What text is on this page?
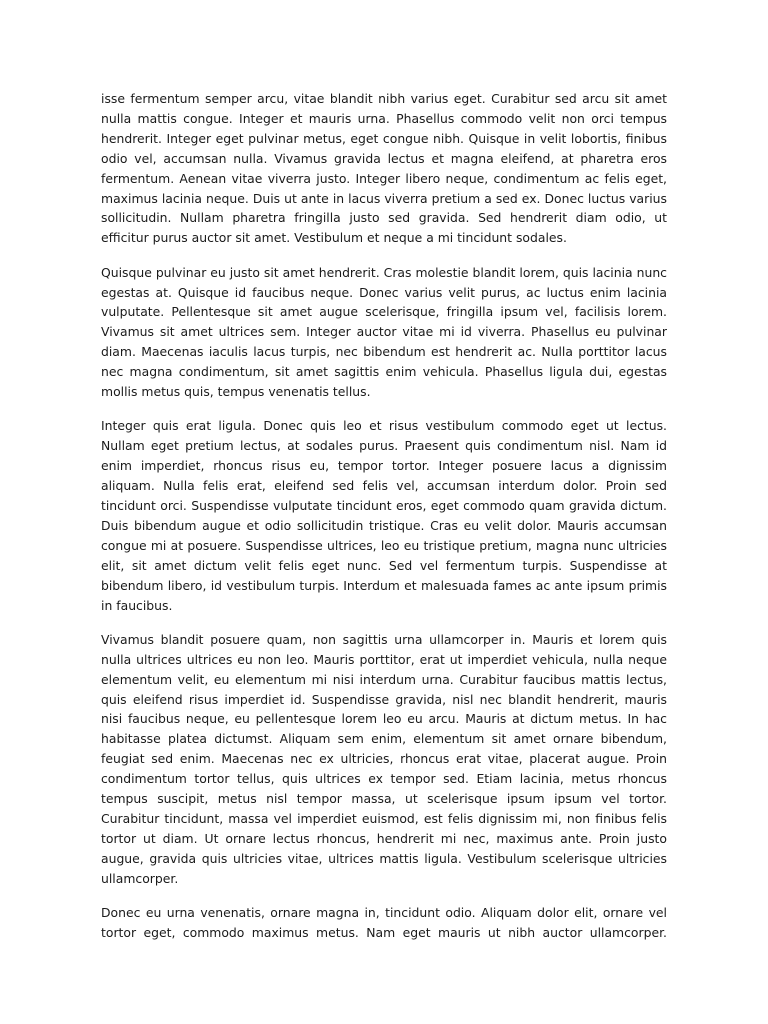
isse fermentum semper arcu, vitae blandit nibh varius eget. Curabitur sed arcu sit amet nulla mattis congue. Integer et mauris urna. Phasellus commodo velit non orci tempus hendrerit. Integer eget pulvinar metus, eget congue nibh. Quisque in velit lobortis, finibus odio vel, accumsan nulla. Vivamus gravida lectus et magna eleifend, at pharetra eros fermentum. Aenean vitae viverra justo. Integer libero neque, condimentum ac felis eget, maximus lacinia neque. Duis ut ante in lacus viverra pretium a sed ex. Donec luctus varius sollicitudin. Nullam pharetra fringilla justo sed gravida. Sed hendrerit diam odio, ut efficitur purus auctor sit amet. Vestibulum et neque a mi tincidunt sodales.

Quisque pulvinar eu justo sit amet hendrerit. Cras molestie blandit lorem, quis lacinia nunc egestas at. Quisque id faucibus neque. Donec varius velit purus, ac luctus enim lacinia vulputate. Pellentesque sit amet augue scelerisque, fringilla ipsum vel, facilisis lorem. Vivamus sit amet ultrices sem. Integer auctor vitae mi id viverra. Phasellus eu pulvinar diam. Maecenas iaculis lacus turpis, nec bibendum est hendrerit ac. Nulla porttitor lacus nec magna condimentum, sit amet sagittis enim vehicula. Phasellus ligula dui, egestas mollis metus quis, tempus venenatis tellus.

Integer quis erat ligula. Donec quis leo et risus vestibulum commodo eget ut lectus. Nullam eget pretium lectus, at sodales purus. Praesent quis condimentum nisl. Nam id enim imperdiet, rhoncus risus eu, tempor tortor. Integer posuere lacus a dignissim aliquam. Nulla felis erat, eleifend sed felis vel, accumsan interdum dolor. Proin sed tincidunt orci. Suspendisse vulputate tincidunt eros, eget commodo quam gravida dictum. Duis bibendum augue et odio sollicitudin tristique. Cras eu velit dolor. Mauris accumsan congue mi at posuere. Suspendisse ultrices, leo eu tristique pretium, magna nunc ultricies elit, sit amet dictum velit felis eget nunc. Sed vel fermentum turpis. Suspendisse at bibendum libero, id vestibulum turpis. Interdum et malesuada fames ac ante ipsum primis in faucibus.

Vivamus blandit posuere quam, non sagittis urna ullamcorper in. Mauris et lorem quis nulla ultrices ultrices eu non leo. Mauris porttitor, erat ut imperdiet vehicula, nulla neque elementum velit, eu elementum mi nisi interdum urna. Curabitur faucibus mattis lectus, quis eleifend risus imperdiet id. Suspendisse gravida, nisl nec blandit hendrerit, mauris nisi faucibus neque, eu pellentesque lorem leo eu arcu. Mauris at dictum metus. In hac habitasse platea dictumst. Aliquam sem enim, elementum sit amet ornare bibendum, feugiat sed enim. Maecenas nec ex ultricies, rhoncus erat vitae, placerat augue. Proin condimentum tortor tellus, quis ultrices ex tempor sed. Etiam lacinia, metus rhoncus tempus suscipit, metus nisl tempor massa, ut scelerisque ipsum ipsum vel tortor. Curabitur tincidunt, massa vel imperdiet euismod, est felis dignissim mi, non finibus felis tortor ut diam. Ut ornare lectus rhoncus, hendrerit mi nec, maximus ante. Proin justo augue, gravida quis ultricies vitae, ultrices mattis ligula. Vestibulum scelerisque ultricies ullamcorper.

Donec eu urna venenatis, ornare magna in, tincidunt odio. Aliquam dolor elit, ornare vel tortor eget, commodo maximus metus. Nam eget mauris ut nibh auctor ullamcorper.
